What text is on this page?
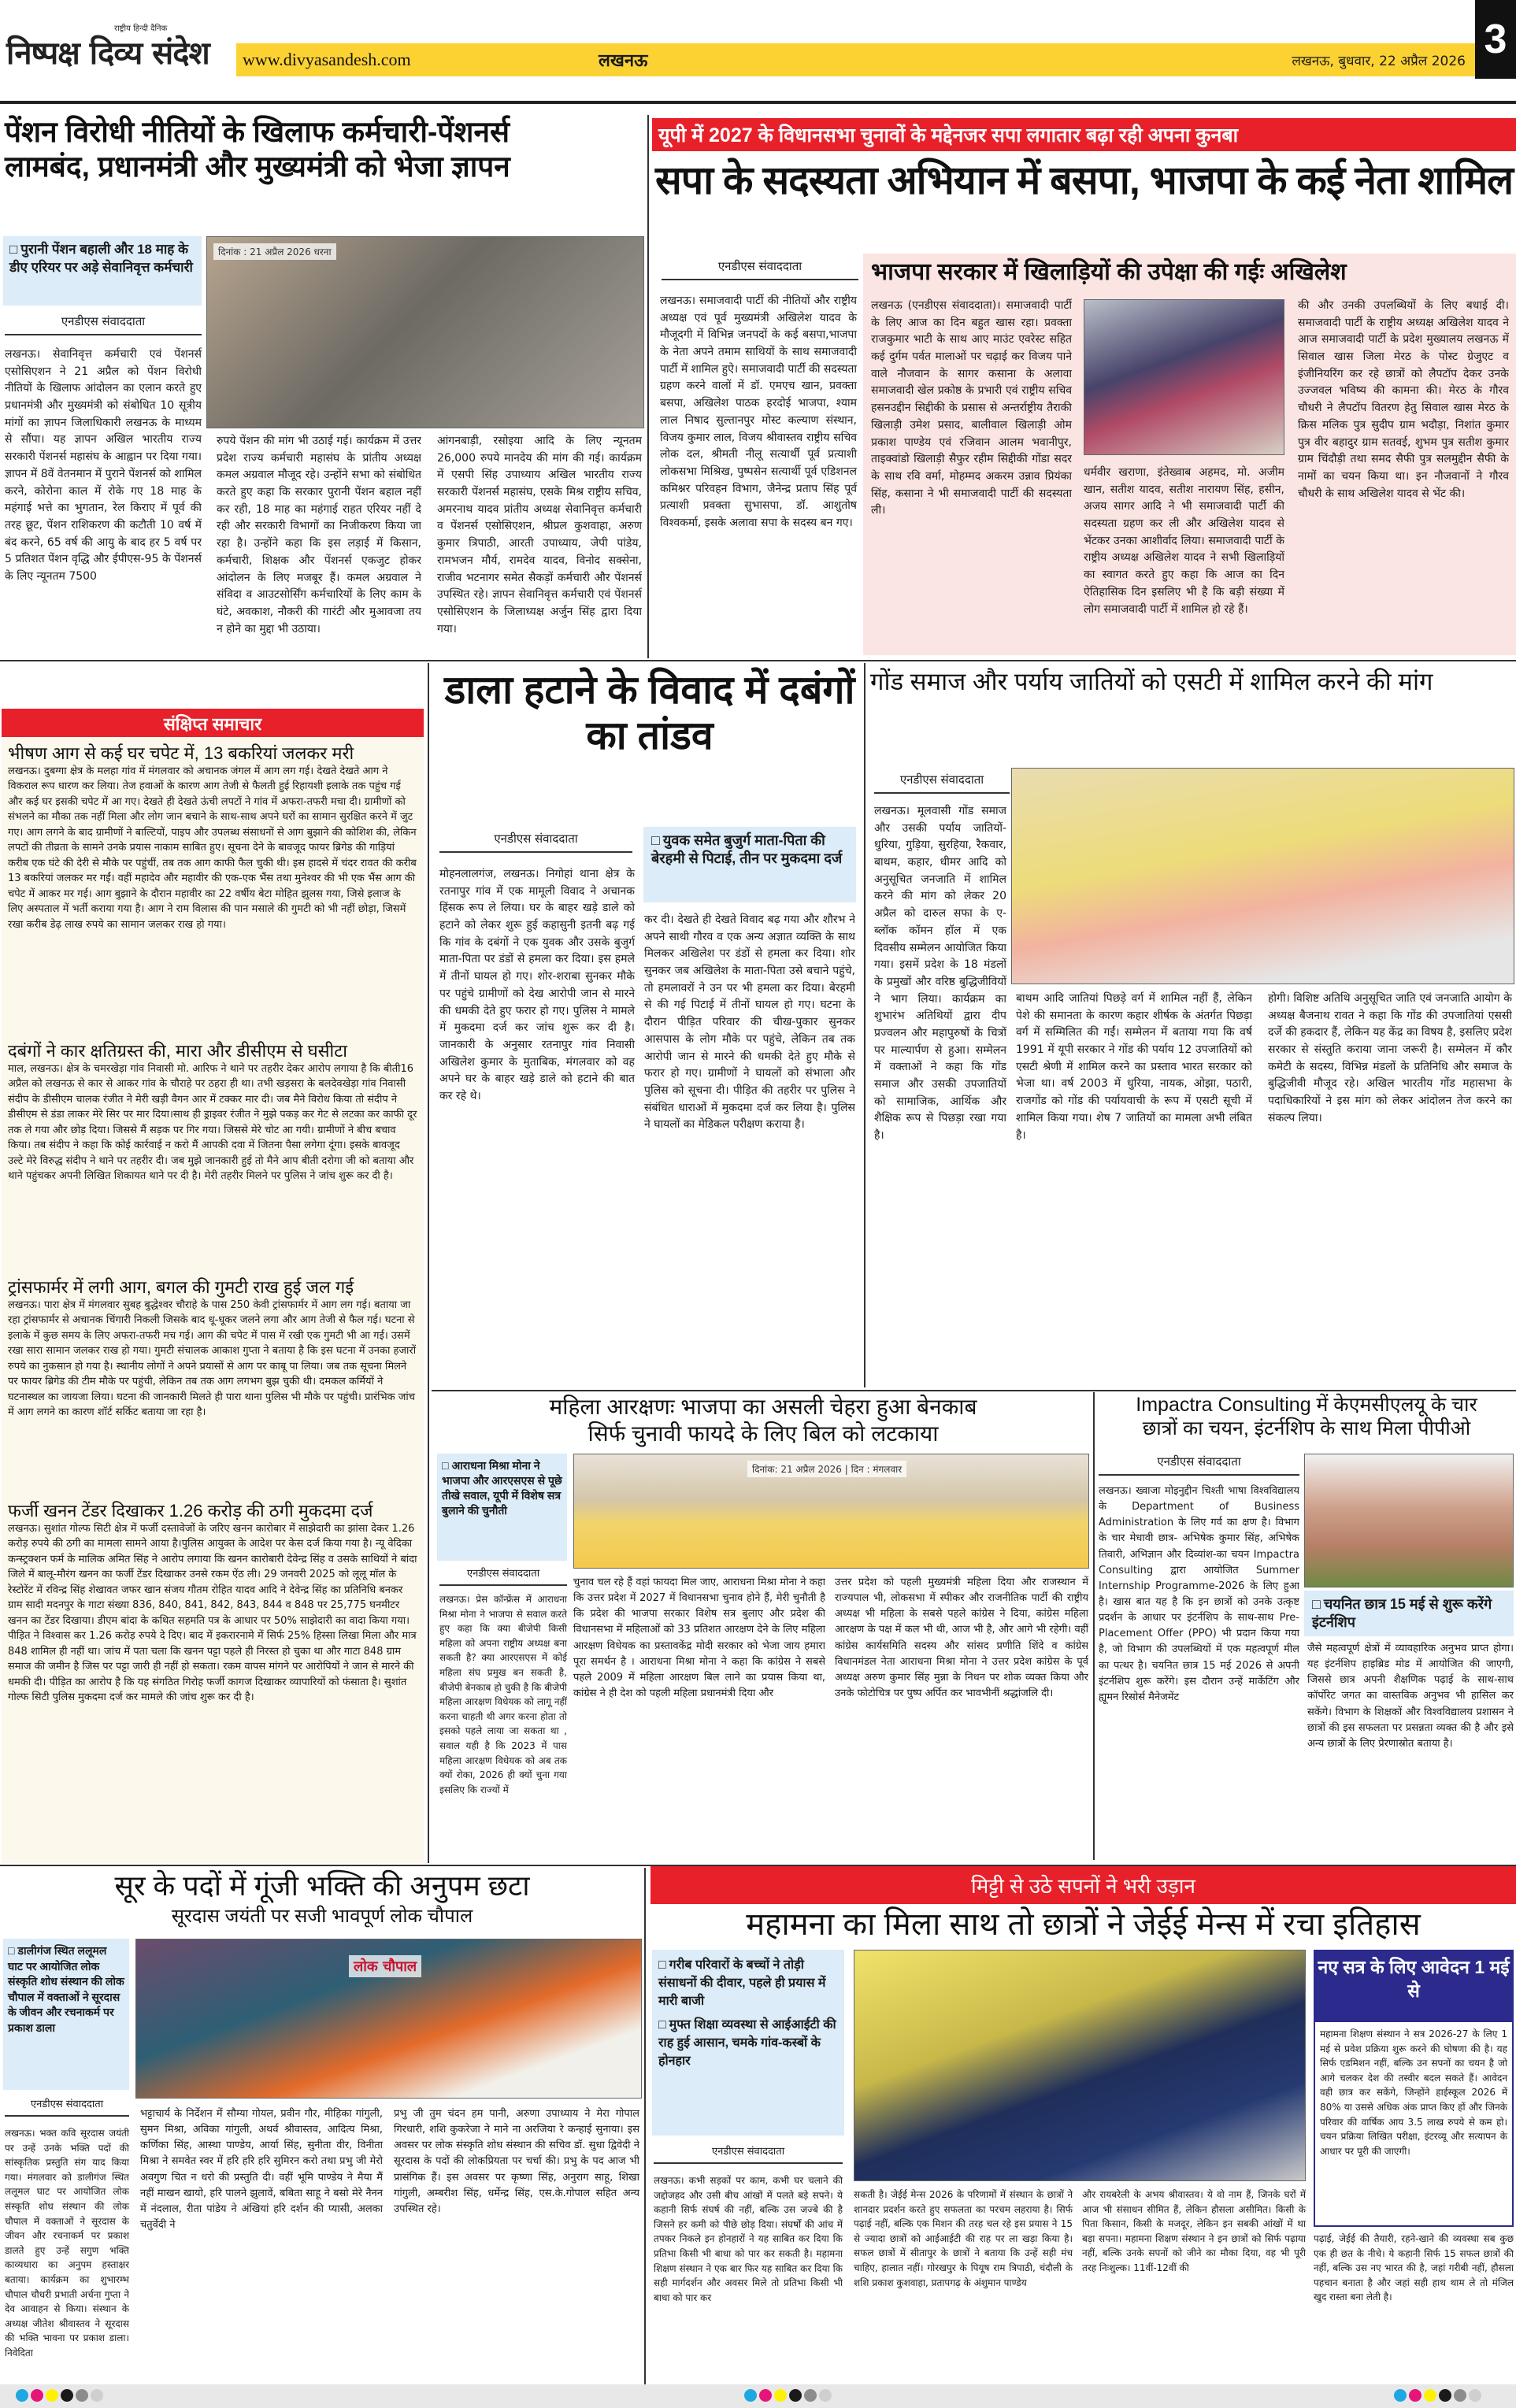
राष्ट्रीय हिन्दी दैनिक
निष्पक्ष दिव्य संदेश www.divyasandesh.com	लखनऊ	लखनऊ, बुधवार, 22 अप्रैल 2026 3
पेंशन विरोधी नीतियों के खिलाफ कर्मचारी-पेंशनर्स
लामबंद, प्रधानमंत्री और मुख्यमंत्री को भेजा ज्ञापन
□ पुरानी पेंशन बहाली और 18 माह के डीए एरियर पर अड़े सेवानिवृत्त कर्मचारी
दिनांक : 21 अप्रैल 2026 धरना
एनडीएस संवाददाता
लखनऊ। सेवानिवृत्त कर्मचारी एवं पेंशनर्स एसोसिएशन ने 21 अप्रैल को पेंशन विरोधी नीतियों के खिलाफ आंदोलन का एलान करते हुए प्रधानमंत्री और मुख्यमंत्री को संबोधित 10 सूत्रीय मांगों का ज्ञापन जिलाधिकारी लखनऊ के माध्यम से सौंपा। यह ज्ञापन अखिल भारतीय राज्य सरकारी पेंशनर्स महासंघ के आह्वान पर दिया गया। ज्ञापन में 8वें वेतनमान में पुराने पेंशनर्स को शामिल करने, कोरोना काल में रोके गए 18 माह के महंगाई भत्ते का भुगतान, रेल किराए में पूर्व की तरह छूट, पेंशन राशिकरण की कटौती 10 वर्ष में बंद करने, 65 वर्ष की आयु के बाद हर 5 वर्ष पर 5 प्रतिशत पेंशन वृद्धि और ईपीएस-95 के पेंशनर्स के लिए न्यूनतम 7500
रुपये पेंशन की मांग भी उठाई गई। कार्यक्रम में उत्तर प्रदेश राज्य कर्मचारी महासंघ के प्रांतीय अध्यक्ष कमल अग्रवाल मौजूद रहे। उन्होंने सभा को संबोधित करते हुए कहा कि सरकार पुरानी पेंशन बहाल नहीं कर रही, 18 माह का महंगाई राहत एरियर नहीं दे रही और सरकारी विभागों का निजीकरण किया जा रहा है। उन्होंने कहा कि इस लड़ाई में किसान, कर्मचारी, शिक्षक और पेंशनर्स एकजुट होकर आंदोलन के लिए मजबूर हैं। कमल अग्रवाल ने संविदा व आउटसोर्सिंग कर्मचारियों के लिए काम के घंटे, अवकाश, नौकरी की गारंटी और मुआवजा तय न होने का मुद्दा भी उठाया।
आंगनबाड़ी, रसोइया आदि के लिए न्यूनतम 26,000 रुपये मानदेय की मांग की गई। कार्यक्रम में एसपी सिंह उपाध्याय अखिल भारतीय राज्य सरकारी पेंशनर्स महासंघ, एसके मिश्र राष्ट्रीय सचिव, अमरनाथ यादव प्रांतीय अध्यक्ष सेवानिवृत्त कर्मचारी व पेंशनर्स एसोसिएशन, श्रीप्रल कुशवाहा, अरुण कुमार त्रिपाठी, आरती उपाध्याय, जेपी पांडेय, रामभजन मौर्य, रामदेव यादव, विनोद सक्सेना, राजीव भटनागर समेत सैकड़ों कर्मचारी और पेंशनर्स उपस्थित रहे। ज्ञापन सेवानिवृत्त कर्मचारी एवं पेंशनर्स एसोसिएशन के जिलाध्यक्ष अर्जुन सिंह द्वारा दिया गया।
यूपी में 2027 के विधानसभा चुनावों के मद्देनजर सपा लगातार बढ़ा रही अपना कुनबा
सपा के सदस्यता अभियान में बसपा, भाजपा के कई नेता शामिल
एनडीएस संवाददाता
लखनऊ। समाजवादी पार्टी की नीतियों और राष्ट्रीय अध्यक्ष एवं पूर्व मुख्यमंत्री अखिलेश यादव के मौजूदगी में विभिन्न जनपदों के कई बसपा,भाजपा के नेता अपने तमाम साथियों के साथ समाजवादी पार्टी में शामिल हुऐ। समाजवादी पार्टी की सदस्यता ग्रहण करने वालों में डॉ. एमएच खान, प्रवक्ता बसपा, अखिलेश पाठक हरदोई भाजपा, श्याम लाल निषाद सुल्तानपुर मोस्ट कल्याण संस्थान, विजय कुमार लाल, विजय श्रीवास्तव राष्ट्रीय सचिव लोक दल, श्रीमती नीलू सत्यार्थी पूर्व प्रत्याशी लोकसभा मिश्रिख, पुष्पसेन सत्यार्थी पूर्व एडिशनल कमिश्नर परिवहन विभाग, जैनेन्द्र प्रताप सिंह पूर्व प्रत्याशी प्रवक्ता सुभासपा, डॉ. आशुतोष विश्वकर्मा, इसके अलावा सपा के सदस्य बन गए।
भाजपा सरकार में खिलाड़ियों की उपेक्षा की गईः अखिलेश
लखनऊ (एनडीएस संवाददाता)। समाजवादी पार्टी के लिए आज का दिन बहुत खास रहा। प्रवक्ता राजकुमार भाटी के साथ आए माउंट एवरेस्ट सहित कई दुर्गम पर्वत मालाओं पर चढ़ाई कर विजय पाने वाले नौजवान के सागर कसाना के अलावा समाजवादी खेल प्रकोष्ठ के प्रभारी एवं राष्ट्रीय सचिव हसनउद्दीन सिद्दीकी के प्रसास से अन्तर्राष्ट्रीय तैराकी खिलाड़ी उमेश प्रसाद, बालीवाल खिलाड़ी ओम प्रकाश पाण्डेय एवं रजिवान आलम भवानीपुर, ताइक्वांडो खिलाड़ी सैफुर रहीम सिद्दीकी गोंडा सदर के साथ रवि वर्मा, मोहम्मद अकरम उन्नाव प्रियंका सिंह, कसाना ने भी समाजवादी पार्टी की सदस्यता ली।
धर्मवीर खराणा, इंतेख्वाब अहमद, मो. अजीम खान, सतीश यादव, सतीश नारायण सिंह, हसीन, अजय सागर आदि ने भी समाजवादी पार्टी की सदस्यता ग्रहण कर ली और अखिलेश यादव से भेंटकर उनका आशीर्वाद लिया। समाजवादी पार्टी के राष्ट्रीय अध्यक्ष अखिलेश यादव ने सभी खिलाड़ियों का स्वागत करते हुए कहा कि आज का दिन ऐतिहासिक दिन इसलिए भी है कि बड़ी संख्या में लोग समाजवादी पार्टी में शामिल हो रहे हैं।
की और उनकी उपलब्धियों के लिए बधाई दी। समाजवादी पार्टी के राष्ट्रीय अध्यक्ष अखिलेश यादव ने आज समाजवादी पार्टी के प्रदेश मुख्यालय लखनऊ में सिवाल खास जिला मेरठ के पोस्ट ग्रेजुएट व इंजीनियरिंग कर रहे छात्रों को लैपटॉप देकर उनके उज्जवल भविष्य की कामना की। मेरठ के गौरव चौधरी ने लैपटॉप वितरण हेतु सिवाल खास मेरठ के क्रिस मलिक पुत्र सुदीप ग्राम भदौड़ा, निशांत कुमार पुत्र वीर बहादुर ग्राम सतवई, शुभम पुत्र सतीश कुमार ग्राम चिंदौड़ी तथा समद सैफी पुत्र सलमुद्दीन सैफी के नामों का चयन किया था। इन नौजवानों ने गौरव चौधरी के साथ अखिलेश यादव से भेंट की।
संक्षिप्त समाचार
भीषण आग से कई घर चपेट में, 13 बकरियां जलकर मरी
लखनऊ। दुबग्गा क्षेत्र के मलहा गांव में मंगलवार को अचानक जंगल में आग लग गई। देखते देखते आग ने विकराल रूप धारण कर लिया। तेज हवाओं के कारण आग तेजी से फैलती हुई रिहायशी इलाके तक पहुंच गई और कई घर इसकी चपेट में आ गए। देखते ही देखते ऊंची लपटों ने गांव में अफरा-तफरी मचा दी। ग्रामीणों को संभलने का मौका तक नहीं मिला और लोग जान बचाने के साथ-साथ अपने घरों का सामान सुरक्षित करने में जुट गए। आग लगने के बाद ग्रामीणों ने बाल्टियों, पाइप और उपलब्ध संसाधनों से आग बुझाने की कोशिश की, लेकिन लपटों की तीव्रता के सामने उनके प्रयास नाकाम साबित हुए। सूचना देने के बावजूद फायर ब्रिगेड की गाड़ियां करीब एक घंटे की देरी से मौके पर पहुंचीं, तब तक आग काफी फैल चुकी थी। इस हादसे में चंदर रावत की करीब 13 बकरियां जलकर मर गईं। वहीं महादेव और महावीर की एक-एक भैंस तथा मुनेश्वर की भी एक भैंस आग की चपेट में आकर मर गई। आग बुझाने के दौरान महावीर का 22 वर्षीय बेटा मोहित झुलस गया, जिसे इलाज के लिए अस्पताल में भर्ती कराया गया है। आग ने राम विलास की पान मसाले की गुमटी को भी नहीं छोड़ा, जिसमें रखा करीब डेढ़ लाख रुपये का सामान जलकर राख हो गया।
दबंगों ने कार क्षतिग्रस्त की, मारा और डीसीएम से घसीटा
माल, लखनऊ। क्षेत्र के चमरखेड़ा गांव निवासी मो. आरिफ ने थाने पर तहरीर देकर आरोप लगाया है कि बीती16 अप्रैल को लखनऊ से कार से आकर गांव के चौराहे पर ठहरा ही था। तभी खड़सरा के बलदेवखेड़ा गांव निवासी संदीप के डीसीएम चालक रंजीत ने मेरी खड़ी वैगन आर में टक्कर मार दी। जब मैने विरोध किया तो संदीप ने डीसीएम से डंडा लाकर मेरे सिर पर मार दिया।साथ ही ड्राइवर रंजीत ने मुझे पकड़ कर गेट से लटका कर काफी दूर तक ले गया और छोड़ दिया। जिससे मैं सड़क पर गिर गया। जिससे मेरे चोट आ गयी। ग्रामीणों ने बीच बचाव किया। तब संदीप ने कहा कि कोई कार्रवाई न करो मैं आपकी दवा में जितना पैसा लगेगा दूंगा। इसके बावजूद उल्टे मेरे विरुद्ध संदीप ने थाने पर तहरीर दी। जब मुझे जानकारी हुई तो मैने आप बीती दरोगा जी को बताया और थाने पहुंचकर अपनी लिखित शिकायत थाने पर दी है। मेरी तहरीर मिलने पर पुलिस ने जांच शुरू कर दी है।
ट्रांसफार्मर में लगी आग, बगल की गुमटी राख हुई जल गई
लखनऊ। पारा क्षेत्र में मंगलवार सुबह बुद्धेश्वर चौराहे के पास 250 केवी ट्रांसफार्मर में आग लग गई। बताया जा रहा ट्रांसफार्मर से अचानक चिंगारी निकली जिसके बाद धू-धूकर जलने लगा और आग तेजी से फैल गई। घटना से इलाके में कुछ समय के लिए अफरा-तफरी मच गई। आग की चपेट में पास में रखी एक गुमटी भी आ गई। उसमें रखा सारा सामान जलकर राख हो गया। गुमटी संचालक आकाश गुप्ता ने बताया है कि इस घटना में उनका हजारों रुपये का नुकसान हो गया है। स्थानीय लोगों ने अपने प्रयासों से आग पर काबू पा लिया। जब तक सूचना मिलने पर फायर ब्रिगेड की टीम मौके पर पहुंची, लेकिन तब तक आग लगभग बुझ चुकी थी। दमकल कर्मियों ने घटनास्थल का जायजा लिया। घटना की जानकारी मिलते ही पारा थाना पुलिस भी मौके पर पहुंची। प्रारंभिक जांच में आग लगने का कारण शॉर्ट सर्किट बताया जा रहा है।
फर्जी खनन टेंडर दिखाकर 1.26 करोड़ की ठगी मुकदमा दर्ज
लखनऊ। सुशांत गोल्फ सिटी क्षेत्र में फर्जी दस्तावेजों के जरिए खनन कारोबार में साझेदारी का झांसा देकर 1.26 करोड़ रुपये की ठगी का मामला सामने आया है।पुलिस आयुक्त के आदेश पर केस दर्ज किया गया है। न्यू वेदिका कन्स्ट्रक्शन फर्म के मालिक अमित सिंह ने आरोप लगाया कि खनन कारोबारी देवेन्द्र सिंह व उसके साथियों ने बांदा जिले में बालू-मौरंग खनन का फर्जी टेंडर दिखाकर उनसे रकम ऐंठ ली। 29 जनवरी 2025 को लूलू मॉल के रेस्टोरेंट में रविन्द्र सिंह शेखावत जफर खान संजय गौतम रोहित यादव आदि ने देवेन्द्र सिंह का प्रतिनिधि बनकर ग्राम सादी मदनपुर के गाटा संख्या 836, 840, 841, 842, 843, 844 व 848 पर 25,775 घनमीटर खनन का टेंडर दिखाया। डीएम बांदा के कथित सहमति पत्र के आधार पर 50% साझेदारी का वादा किया गया। पीड़ित ने विश्वास कर 1.26 करोड़ रुपये दे दिए। बाद में इकरारनामे में सिर्फ 25% हिस्सा लिखा मिला और मात्र 848 शामिल ही नहीं था। जांच में पता चला कि खनन पट्टा पहले ही निरस्त हो चुका था और गाटा 848 ग्राम समाज की जमीन है जिस पर पट्टा जारी ही नहीं हो सकता। रकम वापस मांगने पर आरोपियों ने जान से मारने की धमकी दी। पीड़ित का आरोप है कि यह संगठित गिरोह फर्जी कागज दिखाकर व्यापारियों को फंसाता है। सुशांत गोल्फ सिटी पुलिस मुकदमा दर्ज कर मामले की जांच शुरू कर दी है।
डाला हटाने के विवाद में दबंगों का तांडव
एनडीएस संवाददाता	□ युवक समेत बुजुर्ग माता-पिता की बेरहमी से पिटाई, तीन पर मुकदमा दर्ज
मोहनलालगंज, लखनऊ। निगोहां थाना क्षेत्र के रतनापुर गांव में एक मामूली विवाद ने अचानक हिंसक रूप ले लिया। घर के बाहर खड़े डाले को हटाने को लेकर शुरू हुई कहासुनी इतनी बढ़ गई कि गांव के दबंगों ने एक युवक और उसके बुजुर्ग माता-पिता पर डंडों से हमला कर दिया। इस हमले में तीनों घायल हो गए। शोर-शराबा सुनकर मौके पर पहुंचे ग्रामीणों को देख आरोपी जान से मारने की धमकी देते हुए फरार हो गए। पुलिस ने मामले में मुकदमा दर्ज कर जांच शुरू कर दी है। जानकारी के अनुसार रतनापुर गांव निवासी अखिलेश कुमार के मुताबिक, मंगलवार को वह अपने घर के बाहर खड़े डाले को हटाने की बात कर रहे थे।
कर दी। देखते ही देखते विवाद बढ़ गया और शौरभ ने अपने साथी गौरव व एक अन्य अज्ञात व्यक्ति के साथ मिलकर अखिलेश पर डंडों से हमला कर दिया। शोर सुनकर जब अखिलेश के माता-पिता उसे बचाने पहुंचे, तो हमलावरों ने उन पर भी हमला कर दिया। बेरहमी से की गई पिटाई में तीनों घायल हो गए। घटना के दौरान पीड़ित परिवार की चीख-पुकार सुनकर आसपास के लोग मौके पर पहुंचे, लेकिन तब तक आरोपी जान से मारने की धमकी देते हुए मौके से फरार हो गए। ग्रामीणों ने घायलों को संभाला और पुलिस को सूचना दी। पीड़ित की तहरीर पर पुलिस ने संबंधित धाराओं में मुकदमा दर्ज कर लिया है। पुलिस ने घायलों का मेडिकल परीक्षण कराया है।
गोंड समाज और पर्याय जातियों को एसटी में शामिल करने की मांग
एनडीएस संवाददाता
लखनऊ। मूलवासी गोंड समाज और उसकी पर्याय जातियों- धुरिया, गुड़िया, सुरहिया, रैकवार, बाथम, कहार, धीमर आदि को अनुसूचित जनजाति में शामिल करने की मांग को लेकर 20 अप्रैल को दारुल सफा के ए-ब्लॉक कॉमन हॉल में एक दिवसीय सम्मेलन आयोजित किया गया। इसमें प्रदेश के 18 मंडलों के प्रमुखों और वरिष्ठ बुद्धिजीवियों ने भाग लिया। कार्यक्रम का शुभारंभ अतिथियों द्वारा दीप प्रज्वलन और महापुरुषों के चित्रों पर माल्यार्पण से हुआ। सम्मेलन में वक्ताओं ने कहा कि गोंड समाज और उसकी उपजातियों को सामाजिक, आर्थिक और शैक्षिक रूप से पिछड़ा रखा गया है।
बाथम आदि जातियां पिछड़े वर्ग में शामिल नहीं हैं, लेकिन पेशे की समानता के कारण कहार शीर्षक के अंतर्गत पिछड़ा वर्ग में सम्मिलित की गईं। सम्मेलन में बताया गया कि वर्ष 1991 में यूपी सरकार ने गोंड की पर्याय 12 उपजातियों को एसटी श्रेणी में शामिल करने का प्रस्ताव भारत सरकार को भेजा था। वर्ष 2003 में धुरिया, नायक, ओझा, पठारी, राजगोंड को गोंड की पर्यायवाची के रूप में एसटी सूची में शामिल किया गया। शेष 7 जातियों का मामला अभी लंबित है।
होगी। विशिष्ट अतिथि अनुसूचित जाति एवं जनजाति आयोग के अध्यक्ष बैजनाथ रावत ने कहा कि गोंड की उपजातियां एससी दर्जे की हकदार हैं, लेकिन यह केंद्र का विषय है, इसलिए प्रदेश सरकार से संस्तुति कराया जाना जरूरी है। सम्मेलन में कौर कमेटी के सदस्य, विभिन्न मंडलों के प्रतिनिधि और समाज के बुद्धिजीवी मौजूद रहे। अखिल भारतीय गोंड महासभा के पदाधिकारियों ने इस मांग को लेकर आंदोलन तेज करने का संकल्प लिया।
महिला आरक्षणः भाजपा का असली चेहरा हुआ बेनकाब
सिर्फ चुनावी फायदे के लिए बिल को लटकाया
□ आराधना मिश्रा मोना ने भाजपा और आरएसएस से पूछे तीखे सवाल, यूपी में विशेष सत्र बुलाने की चुनौती
दिनांक: 21 अप्रैल 2026 | दिन : मंगलवार
एनडीएस संवाददाता
लखनऊ। प्रेस कॉन्फ्रेंस में आराधना मिश्रा मोना ने भाजपा से सवाल करते हुए कहा कि क्या बीजेपी किसी महिला को अपना राष्ट्रीय अध्यक्ष बना सकती है? क्या आरएसएस में कोई महिला संघ प्रमुख बन सकती है, बीजेपी बेनकाब हो चुकी है कि बीजेपी महिला आरक्षण विधेयक को लागू नहीं करना चाहती थी अगर करना होता तो इसको पहले लाया जा सकता था , सवाल यही है कि 2023 में पास महिला आरक्षण विधेयक को अब तक क्यों रोका, 2026 ही क्यों चुना गया इसलिए कि राज्यों में
चुनाव चल रहे हैं वहां फायदा मिल जाए, आराधना मिश्रा मोना ने कहा कि उत्तर प्रदेश में 2027 में विधानसभा चुनाव होने हैं, मेरी चुनौती है कि प्रदेश की भाजपा सरकार विशेष सत्र बुलाए और प्रदेश की विधानसभा में महिलाओं को 33 प्रतिशत आरक्षण देने के लिए महिला आरक्षण विधेयक का प्रस्तावकेंद्र मोदी सरकार को भेजा जाय हमारा पूरा समर्थन है । आराधना मिश्रा मोना ने कहा कि कांग्रेस ने सबसे पहले 2009 में महिला आरक्षण बिल लाने का प्रयास किया था, कांग्रेस ने ही देश को पहली महिला प्रधानमंत्री दिया और
उत्तर प्रदेश को पहली मुख्यमंत्री महिला दिया और राजस्थान में राज्यपाल भी, लोकसभा में स्पीकर और राजनीतिक पार्टी की राष्ट्रीय अध्यक्ष भी महिला के सबसे पहले कांग्रेस ने दिया, कांग्रेस महिला आरक्षण के पक्ष में कल भी थी, आज भी है, और आगे भी रहेगी। वहीं कांग्रेस कार्यसमिति सदस्य और सांसद प्रणीति शिंदे व कांग्रेस विधानमंडल नेता आराधना मिश्रा मोना ने उत्तर प्रदेश कांग्रेस के पूर्व अध्यक्ष अरुण कुमार सिंह मुन्ना के निधन पर शोक व्यक्त किया और उनके फोटोचित्र पर पुष्प अर्पित कर भावभीनीं श्रद्धांजलि दी।
Impactra Consulting में केएमसीएलयू के चार
छात्रों का चयन, इंटर्नशिप के साथ मिला पीपीओ
एनडीएस संवाददाता
□ चयनित छात्र 15 मई से शुरू करेंगे इंटर्नशिप
लखनऊ। ख्वाजा मोइनुद्दीन चिश्ती भाषा विश्वविद्यालय के Department of Business Administration के लिए गर्व का क्षण है। विभाग के चार मेधावी छात्र- अभिषेक कुमार सिंह, अभिषेक तिवारी, अभिज्ञान और दिव्यांश-का चयन Impactra Consulting द्वारा आयोजित Summer Internship Programme-2026 के लिए हुआ है। खास बात यह है कि इन छात्रों को उनके उत्कृष्ट प्रदर्शन के आधार पर इंटर्नशिप के साथ-साथ Pre-Placement Offer (PPO) भी प्रदान किया गया है, जो विभाग की उपलब्धियों में एक महत्वपूर्ण मील का पत्थर है। चयनित छात्र 15 मई 2026 से अपनी इंटर्नशिप शुरू करेंगे। इस दौरान उन्हें मार्केटिंग और ह्यूमन रिसोर्स मैनेजमेंट
जैसे महत्वपूर्ण क्षेत्रों में व्यावहारिक अनुभव प्राप्त होगा। यह इंटर्नशिप हाइब्रिड मोड में आयोजित की जाएगी, जिससे छात्र अपनी शैक्षणिक पढ़ाई के साथ-साथ कॉर्पोरेट जगत का वास्तविक अनुभव भी हासिल कर सकेंगे। विभाग के शिक्षकों और विश्वविद्यालय प्रशासन ने छात्रों की इस सफलता पर प्रसन्नता व्यक्त की है और इसे अन्य छात्रों के लिए प्रेरणास्रोत बताया है।
सूर के पदों में गूंजी भक्ति की अनुपम छटा
सूरदास जयंती पर सजी भावपूर्ण लोक चौपाल
□ डालीगंज स्थित ललूमल घाट पर आयोजित लोक संस्कृति शोध संस्थान की लोक चौपाल में वक्ताओं ने सूरदास के जीवन और रचनाकर्म पर प्रकाश डाला
लोक चौपाल
एनडीएस संवाददाता
लखनऊ। भक्त कवि सूरदास जयंती पर उन्हें उनके भक्ति पदों की सांस्कृतिक प्रस्तुति संग याद किया गया। मंगलवार को डालीगंज स्थित ललूमल घाट पर आयोजित लोक संस्कृति शोध संस्थान की लोक चौपाल में वक्ताओं ने सूरदास के जीवन और रचनाकर्म पर प्रकाश डालते हुए उन्हें सगुण भक्ति काव्यधारा का अनुपम हस्ताक्षर बताया। कार्यक्रम का शुभारम्भ चौपाल चौधरी प्रभाती अर्चना गुप्ता ने देव आवाहन से किया। संस्थान के अध्यक्ष जीतेश श्रीवास्तव ने सूरदास की भक्ति भावना पर प्रकाश डाला। निवेदिता
भट्टाचार्य के निर्देशन में सौम्या गोयल, प्रवीन गौर, मीहिका गांगुली, सुमन मिश्रा, अविका गांगुली, अथर्व श्रीवास्तव, आदित्य मिश्रा, कर्णिका सिंह, आस्था पाण्डेय, आर्या सिंह, सुनीता वीर, विनीता मिश्रा ने समवेत स्वर में हरि हरि हरि सुमिरन करो तथा प्रभु जी मेरो अवगुण चित न धरो की प्रस्तुति दी। वहीं भूमि पाण्डेय ने मैया मैं नहीं माखन खायो, हरि पालने झुलावें, बबिता साहू ने बसो मेरे नैनन में नंदलाल, रीता पांडेय ने अंखियां हरि दर्शन की प्यासी, अलका चतुर्वेदी ने
प्रभु जी तुम चंदन हम पानी, अरुणा उपाध्याय ने मेरा गोपाल गिरधारी, शशि कुकरेजा ने माने ना अरजिया रे कन्हाई सुनाया। इस अवसर पर लोक संस्कृति शोध संस्थान की सचिव डॉ. सुधा द्विवेदी ने सूरदास के पदों की लोकप्रियता पर चर्चा की। प्रभु के पद आज भी प्रासंगिक हैं। इस अवसर पर कृष्णा सिंह, अनुराग साहू, शिखा गांगुली, अम्बरीश सिंह, धर्मेन्द्र सिंह, एस.के.गोपाल सहित अन्य उपस्थित रहे।
मिट्टी से उठे सपनों ने भरी उड़ान
महामना का मिला साथ तो छात्रों ने जेईई मेन्स में रचा इतिहास
□ गरीब परिवारों के बच्चों ने तोड़ी संसाधनों की दीवार, पहले ही प्रयास में मारी बाजी
□ मुफ्त शिक्षा व्यवस्था से आईआईटी की राह हुई आसान, चमके गांव-कस्बों के होनहार
एनडीएस संवाददाता
लखनऊ। कभी सड़कों पर काम, कभी घर चलाने की जद्दोजहद और उसी बीच आंखों में पलते बड़े सपने। ये कहानी सिर्फ संघर्ष की नहीं, बल्कि उस जज्बे की है जिसने हर कमी को पीछे छोड़ दिया। संघर्षों की आंच में तपकर निकले इन होनहारों ने यह साबित कर दिया कि प्रतिभा किसी भी बाधा को पार कर सकती है। महामना शिक्षण संस्थान ने एक बार फिर यह साबित कर दिया कि सही मार्गदर्शन और अवसर मिले तो प्रतिभा किसी भी बाधा को पार कर
सकती है। जेईई मेन्स 2026 के परिणामों में संस्थान के छात्रों ने शानदार प्रदर्शन करते हुए सफलता का परचम लहराया है। सिर्फ पढ़ाई नहीं, बल्कि एक मिशन की तरह चल रहे इस प्रयास ने 15 से ज्यादा छात्रों को आईआईटी की राह पर ला खड़ा किया है। सफल छात्रों में सीतापुर के छात्रों ने बताया कि उन्हें सही मंच चाहिए, हालात नहीं। गोरखपुर के पियूष राम त्रिपाठी, चंदौली के शशि प्रकाश कुशवाहा, प्रतापगढ़ के अंशुमान पाण्डेय
और रायबरेली के अभय श्रीवास्तव। ये वो नाम हैं, जिनके घरों में आज भी संसाधन सीमित हैं, लेकिन हौसला असीमित। किसी के पिता किसान, किसी के मजदूर, लेकिन इन सबकी आंखों में था बड़ा सपना। महामना शिक्षण संस्थान ने इन छात्रों को सिर्फ पढ़ाया नहीं, बल्कि उनके सपनों को जीने का मौका दिया, वह भी पूरी तरह निःशुल्क। 11वीं-12वीं की
नए सत्र के लिए आवेदन 1 मई से
महामना शिक्षण संस्थान ने सत्र 2026-27 के लिए 1 मई से प्रवेश प्रक्रिया शुरू करने की घोषणा की है। यह सिर्फ एडमिशन नहीं, बल्कि उन सपनों का चयन है जो आगे चलकर देश की तस्वीर बदल सकते हैं। आवेदन वही छात्र कर सकेंगे, जिन्होंने हाईस्कूल 2026 में 80% या उससे अधिक अंक प्राप्त किए हों और जिनके परिवार की वार्षिक आय 3.5 लाख रुपये से कम हो। चयन प्रक्रिया लिखित परीक्षा, इंटरव्यू और सत्यापन के आधार पर पूरी की जाएगी।
पढ़ाई, जेईई की तैयारी, रहने-खाने की व्यवस्था सब कुछ एक ही छत के नीचे। ये कहानी सिर्फ 15 सफल छात्रों की नहीं, बल्कि उस नए भारत की है, जहां गरीबी नहीं, हौसला पहचान बनाता है और जहां सही हाथ थाम ले तो मंजिल खुद रास्ता बना लेती है।
